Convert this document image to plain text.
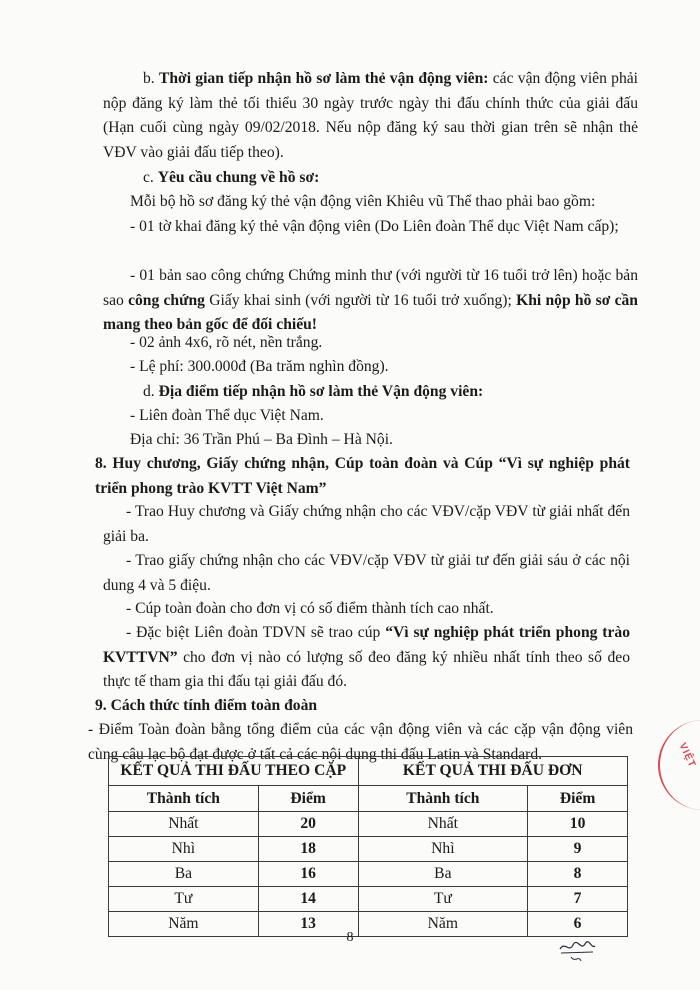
b. Thời gian tiếp nhận hồ sơ làm thẻ vận động viên: các vận động viên phải nộp đăng ký làm thẻ tối thiểu 30 ngày trước ngày thi đấu chính thức của giải đấu (Hạn cuối cùng ngày 09/02/2018. Nếu nộp đăng ký sau thời gian trên sẽ nhận thẻ VĐV vào giải đấu tiếp theo).
c. Yêu cầu chung về hồ sơ:
Mỗi bộ hồ sơ đăng ký thẻ vận động viên Khiêu vũ Thể thao phải bao gồm:
- 01 tờ khai đăng ký thẻ vận động viên (Do Liên đoàn Thể dục Việt Nam cấp);
- 01 bản sao công chứng Chứng minh thư (với người từ 16 tuổi trở lên) hoặc bản sao công chứng Giấy khai sinh (với người từ 16 tuổi trở xuống); Khi nộp hồ sơ cần mang theo bản gốc để đối chiếu!
- 02 ảnh 4x6, rõ nét, nền trắng.
- Lệ phí: 300.000đ (Ba trăm nghìn đồng).
d. Địa điểm tiếp nhận hồ sơ làm thẻ Vận động viên:
- Liên đoàn Thể dục Việt Nam.
Địa chỉ: 36 Trần Phú – Ba Đình – Hà Nội.
8. Huy chương, Giấy chứng nhận, Cúp toàn đoàn và Cúp “Vì sự nghiệp phát triển phong trào KVTT Việt Nam”
- Trao Huy chương và Giấy chứng nhận cho các VĐV/cặp VĐV từ giải nhất đến giải ba.
- Trao giấy chứng nhận cho các VĐV/cặp VĐV từ giải tư đến giải sáu ở các nội dung 4 và 5 điệu.
- Cúp toàn đoàn cho đơn vị có số điểm thành tích cao nhất.
- Đặc biệt Liên đoàn TDVN sẽ trao cúp “Vì sự nghiệp phát triển phong trào KVTTVN” cho đơn vị nào có lượng số đeo đăng ký nhiều nhất tính theo số đeo thực tế tham gia thi đấu tại giải đấu đó.
9. Cách thức tính điểm toàn đoàn
- Điểm Toàn đoàn bằng tổng điểm của các vận động viên và các cặp vận động viên cùng câu lạc bộ đạt được ở tất cả các nội dung thi đấu Latin và Standard.
KẾT QUẢ THI ĐẤU THEO CẶP		KẾT QUẢ THI ĐẤU ĐƠN	
Thành tích	Điểm	Thành tích	Điểm
Nhất	20	Nhất	10
Nhì	18	Nhì	9
Ba	16	Ba	8
Tư	14	Tư	7
Năm	13	Năm	6
8
VIỆT
